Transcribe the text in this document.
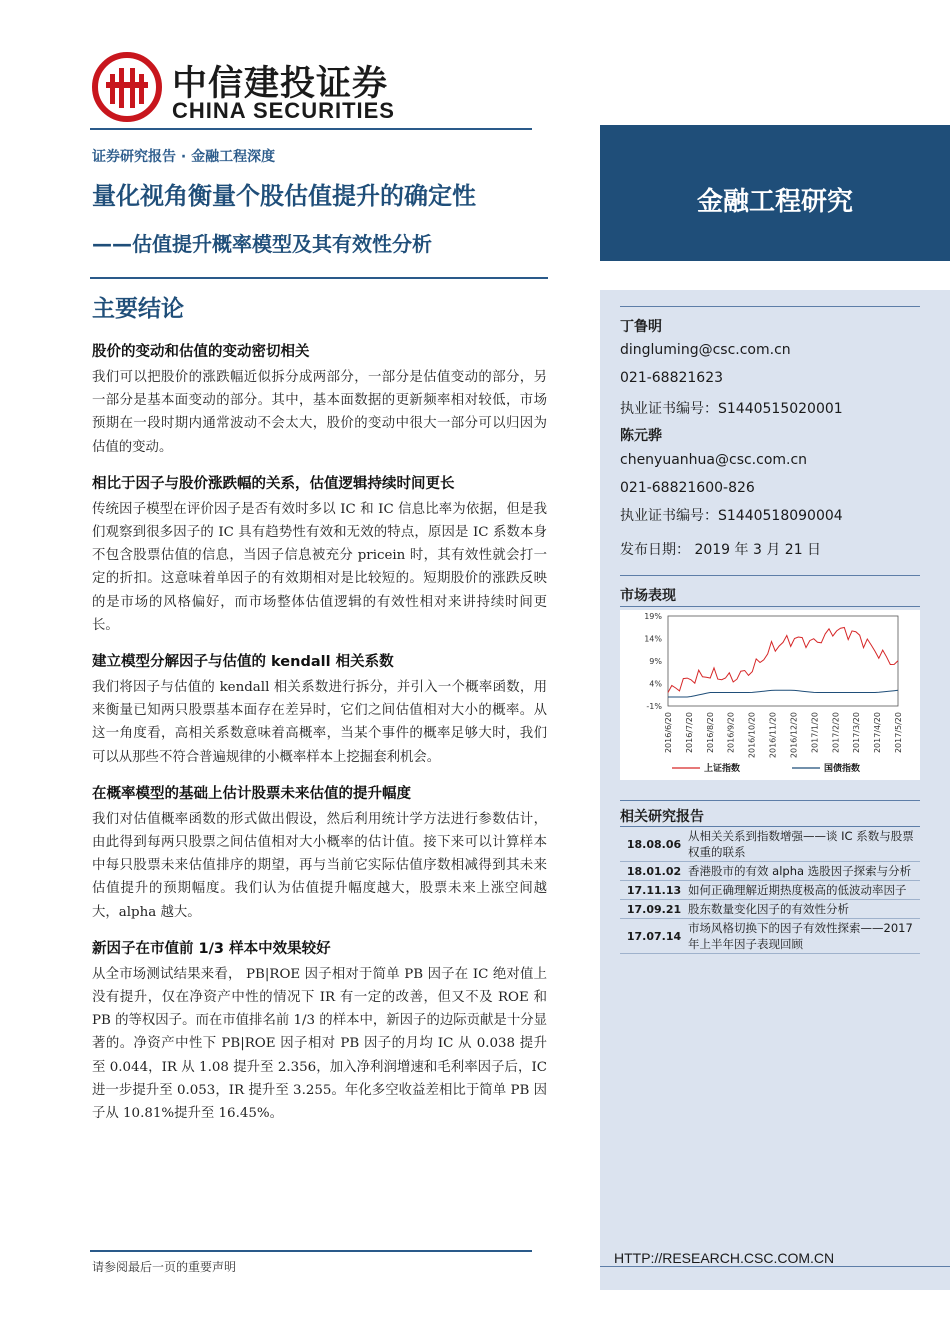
中信建投证券
CHINA SECURITIES
证券研究报告 · 金融工程深度
量化视角衡量个股估值提升的确定性
——估值提升概率模型及其有效性分析
金融工程研究
丁鲁明
dingluming@csc.com.cn
021-68821623
执业证书编号：S1440515020001
陈元骅
chenyuanhua@csc.com.cn
021-68821600-826
执业证书编号：S1440518090004
发布日期： 2019 年 3 月 21 日
市场表现
19%
14%
9%
4%
-1%
2016/6/20 2016/7/20 2016/8/20 2016/9/20 2016/10/20 2016/11/20 2016/12/20 2017/1/20 2017/2/20 2017/3/20 2017/4/20 2017/5/20
上证指数	国债指数
相关研究报告
18.08.06
从相关关系到指数增强——谈 IC 系数与股票权重的联系
18.01.02 香港股市的有效 alpha 选股因子探索与分析
17.11.13 如何正确理解近期热度极高的低波动率因子
17.09.21 股东数量变化因子的有效性分析
17.07.14
市场风格切换下的因子有效性探索——2017 年上半年因子表现回顾
HTTP://RESEARCH.CSC.COM.CN
主要结论
股价的变动和估值的变动密切相关
我们可以把股价的涨跌幅近似拆分成两部分，一部分是估值变动的部分，另一部分是基本面变动的部分。其中，基本面数据的更新频率相对较低，市场预期在一段时期内通常波动不会太大，股价的变动中很大一部分可以归因为估值的变动。
相比于因子与股价涨跌幅的关系，估值逻辑持续时间更长
传统因子模型在评价因子是否有效时多以 IC 和 IC 信息比率为依据，但是我们观察到很多因子的 IC 具有趋势性有效和无效的特点，原因是 IC 系数本身不包含股票估值的信息，当因子信息被充分 pricein 时，其有效性就会打一定的折扣。这意味着单因子的有效期相对是比较短的。短期股价的涨跌反映的是市场的风格偏好，而市场整体估值逻辑的有效性相对来讲持续时间更长。
建立模型分解因子与估值的 kendall 相关系数
我们将因子与估值的 kendall 相关系数进行拆分，并引入一个概率函数，用来衡量已知两只股票基本面存在差异时，它们之间估值相对大小的概率。从这一角度看，高相关系数意味着高概率，当某个事件的概率足够大时，我们可以从那些不符合普遍规律的小概率样本上挖掘套利机会。
在概率模型的基础上估计股票未来估值的提升幅度
我们对估值概率函数的形式做出假设，然后利用统计学方法进行参数估计，由此得到每两只股票之间估值相对大小概率的估计值。接下来可以计算样本中每只股票未来估值排序的期望，再与当前它实际估值序数相减得到其未来估值提升的预期幅度。我们认为估值提升幅度越大，股票未来上涨空间越大，alpha 越大。
新因子在市值前 1/3 样本中效果较好
从全市场测试结果来看， PB|ROE 因子相对于简单 PB 因子在 IC 绝对值上没有提升，仅在净资产中性的情况下 IR 有一定的改善，但又不及 ROE 和 PB 的等权因子。而在市值排名前 1/3 的样本中，新因子的边际贡献是十分显著的。净资产中性下 PB|ROE 因子相对 PB 因子的月均 IC 从 0.038 提升至 0.044，IR 从 1.08 提升至 2.356，加入净利润增速和毛利率因子后，IC 进一步提升至 0.053，IR 提升至 3.255。年化多空收益差相比于简单 PB 因子从 10.81%提升至 16.45%。
请参阅最后一页的重要声明
